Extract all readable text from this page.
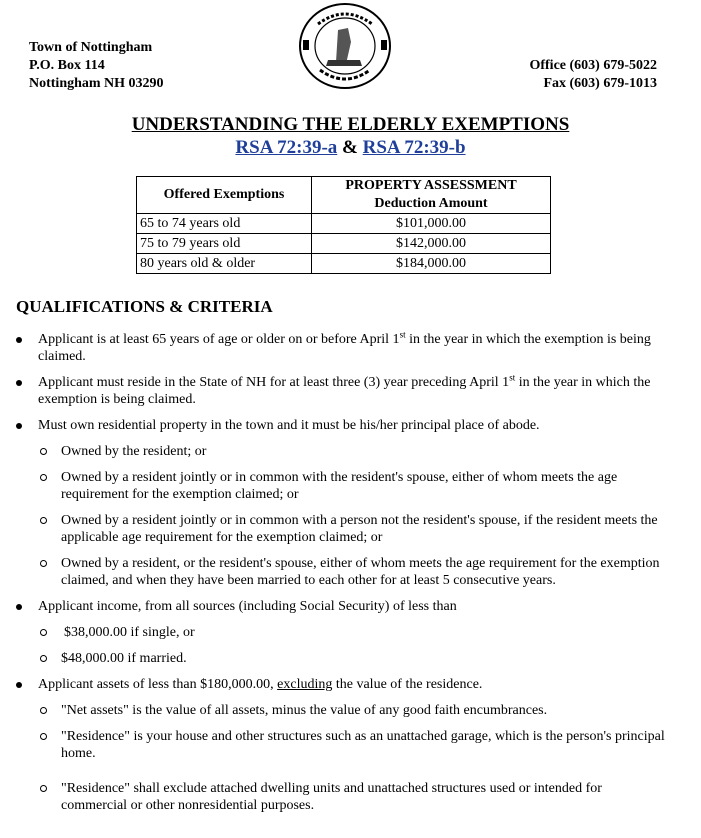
Town of Nottingham
P.O. Box 114
Nottingham NH 03290
Office (603) 679-5022
Fax (603) 679-1013
UNDERSTANDING THE ELDERLY EXEMPTIONS
RSA 72:39-a & RSA 72:39-b
Offered Exemptions	PROPERTY ASSESSMENT
Deduction Amount

65 to 74 years old	$101,000.00
75 to 79 years old	$142,000.00
80 years old & older	$184,000.00
QUALIFICATIONS & CRITERIA
Applicant is at least 65 years of age or older on or before April 1st in the year in which the exemption is being claimed.
Applicant must reside in the State of NH for at least three (3) year preceding April 1st in the year in which the exemption is being claimed.
Must own residential property in the town and it must be his/her principal place of abode.
Owned by the resident; or
Owned by a resident jointly or in common with the resident's spouse, either of whom meets the age requirement for the exemption claimed; or
Owned by a resident jointly or in common with a person not the resident's spouse, if the resident meets the applicable age requirement for the exemption claimed; or
Owned by a resident, or the resident's spouse, either of whom meets the age requirement for the exemption claimed, and when they have been married to each other for at least 5 consecutive years.
Applicant income, from all sources (including Social Security) of less than
$38,000.00 if single, or
$48,000.00 if married.
Applicant assets of less than $180,000.00, excluding the value of the residence.
"Net assets" is the value of all assets, minus the value of any good faith encumbrances.
"Residence" is your house and other structures such as an unattached garage, which is the person's principal home.
"Residence" shall exclude attached dwelling units and unattached structures used or intended for commercial or other nonresidential purposes.
